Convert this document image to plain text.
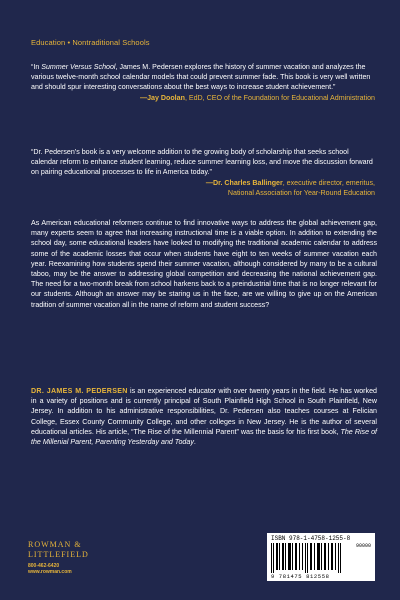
Education • Nontraditional Schools
“In Summer Versus School, James M. Pedersen explores the history of summer vacation and analyzes the various twelve-month school calendar models that could prevent summer fade. This book is very well written and should spur interesting conversations about the best ways to increase student achievement.”
—Jay Doolan, EdD, CEO of the Foundation for Educational Administration
“Dr. Pedersen’s book is a very welcome addition to the growing body of scholarship that seeks school calendar reform to enhance student learning, reduce summer learning loss, and move the discussion forward on pairing educational processes to life in America today.”
—Dr. Charles Ballinger, executive director, emeritus,
National Association for Year-Round Education
As American educational reformers continue to find innovative ways to address the global achievement gap, many experts seem to agree that increasing instructional time is a viable option. In addition to extending the school day, some educational leaders have looked to modifying the traditional academic calendar to address some of the academic losses that occur when students have eight to ten weeks of summer vacation each year. Reexamining how students spend their summer vacation, although considered by many to be a cultural taboo, may be the answer to addressing global competition and decreasing the national achievement gap. The need for a two-month break from school harkens back to a preindustrial time that is no longer relevant for our students. Although an answer may be staring us in the face, are we willing to give up on the American tradition of summer vacation all in the name of reform and student success?
DR. JAMES M. PEDERSEN is an experienced educator with over twenty years in the field. He has worked in a variety of positions and is currently principal of South Plainfield High School in South Plainfield, New Jersey. In addition to his administrative responsibilities, Dr. Pedersen also teaches courses at Felician College, Essex County Community College, and other colleges in New Jersey. He is the author of several educational articles. His article, “The Rise of the Millennial Parent” was the basis for his first book, The Rise of the Millenial Parent, Parenting Yesterday and Today.
ROWMAN &
LITTLEFIELD
800-462-6420
www.rowman.com
ISBN 978-1-4758-1255-8
90000
9 781475 812558
